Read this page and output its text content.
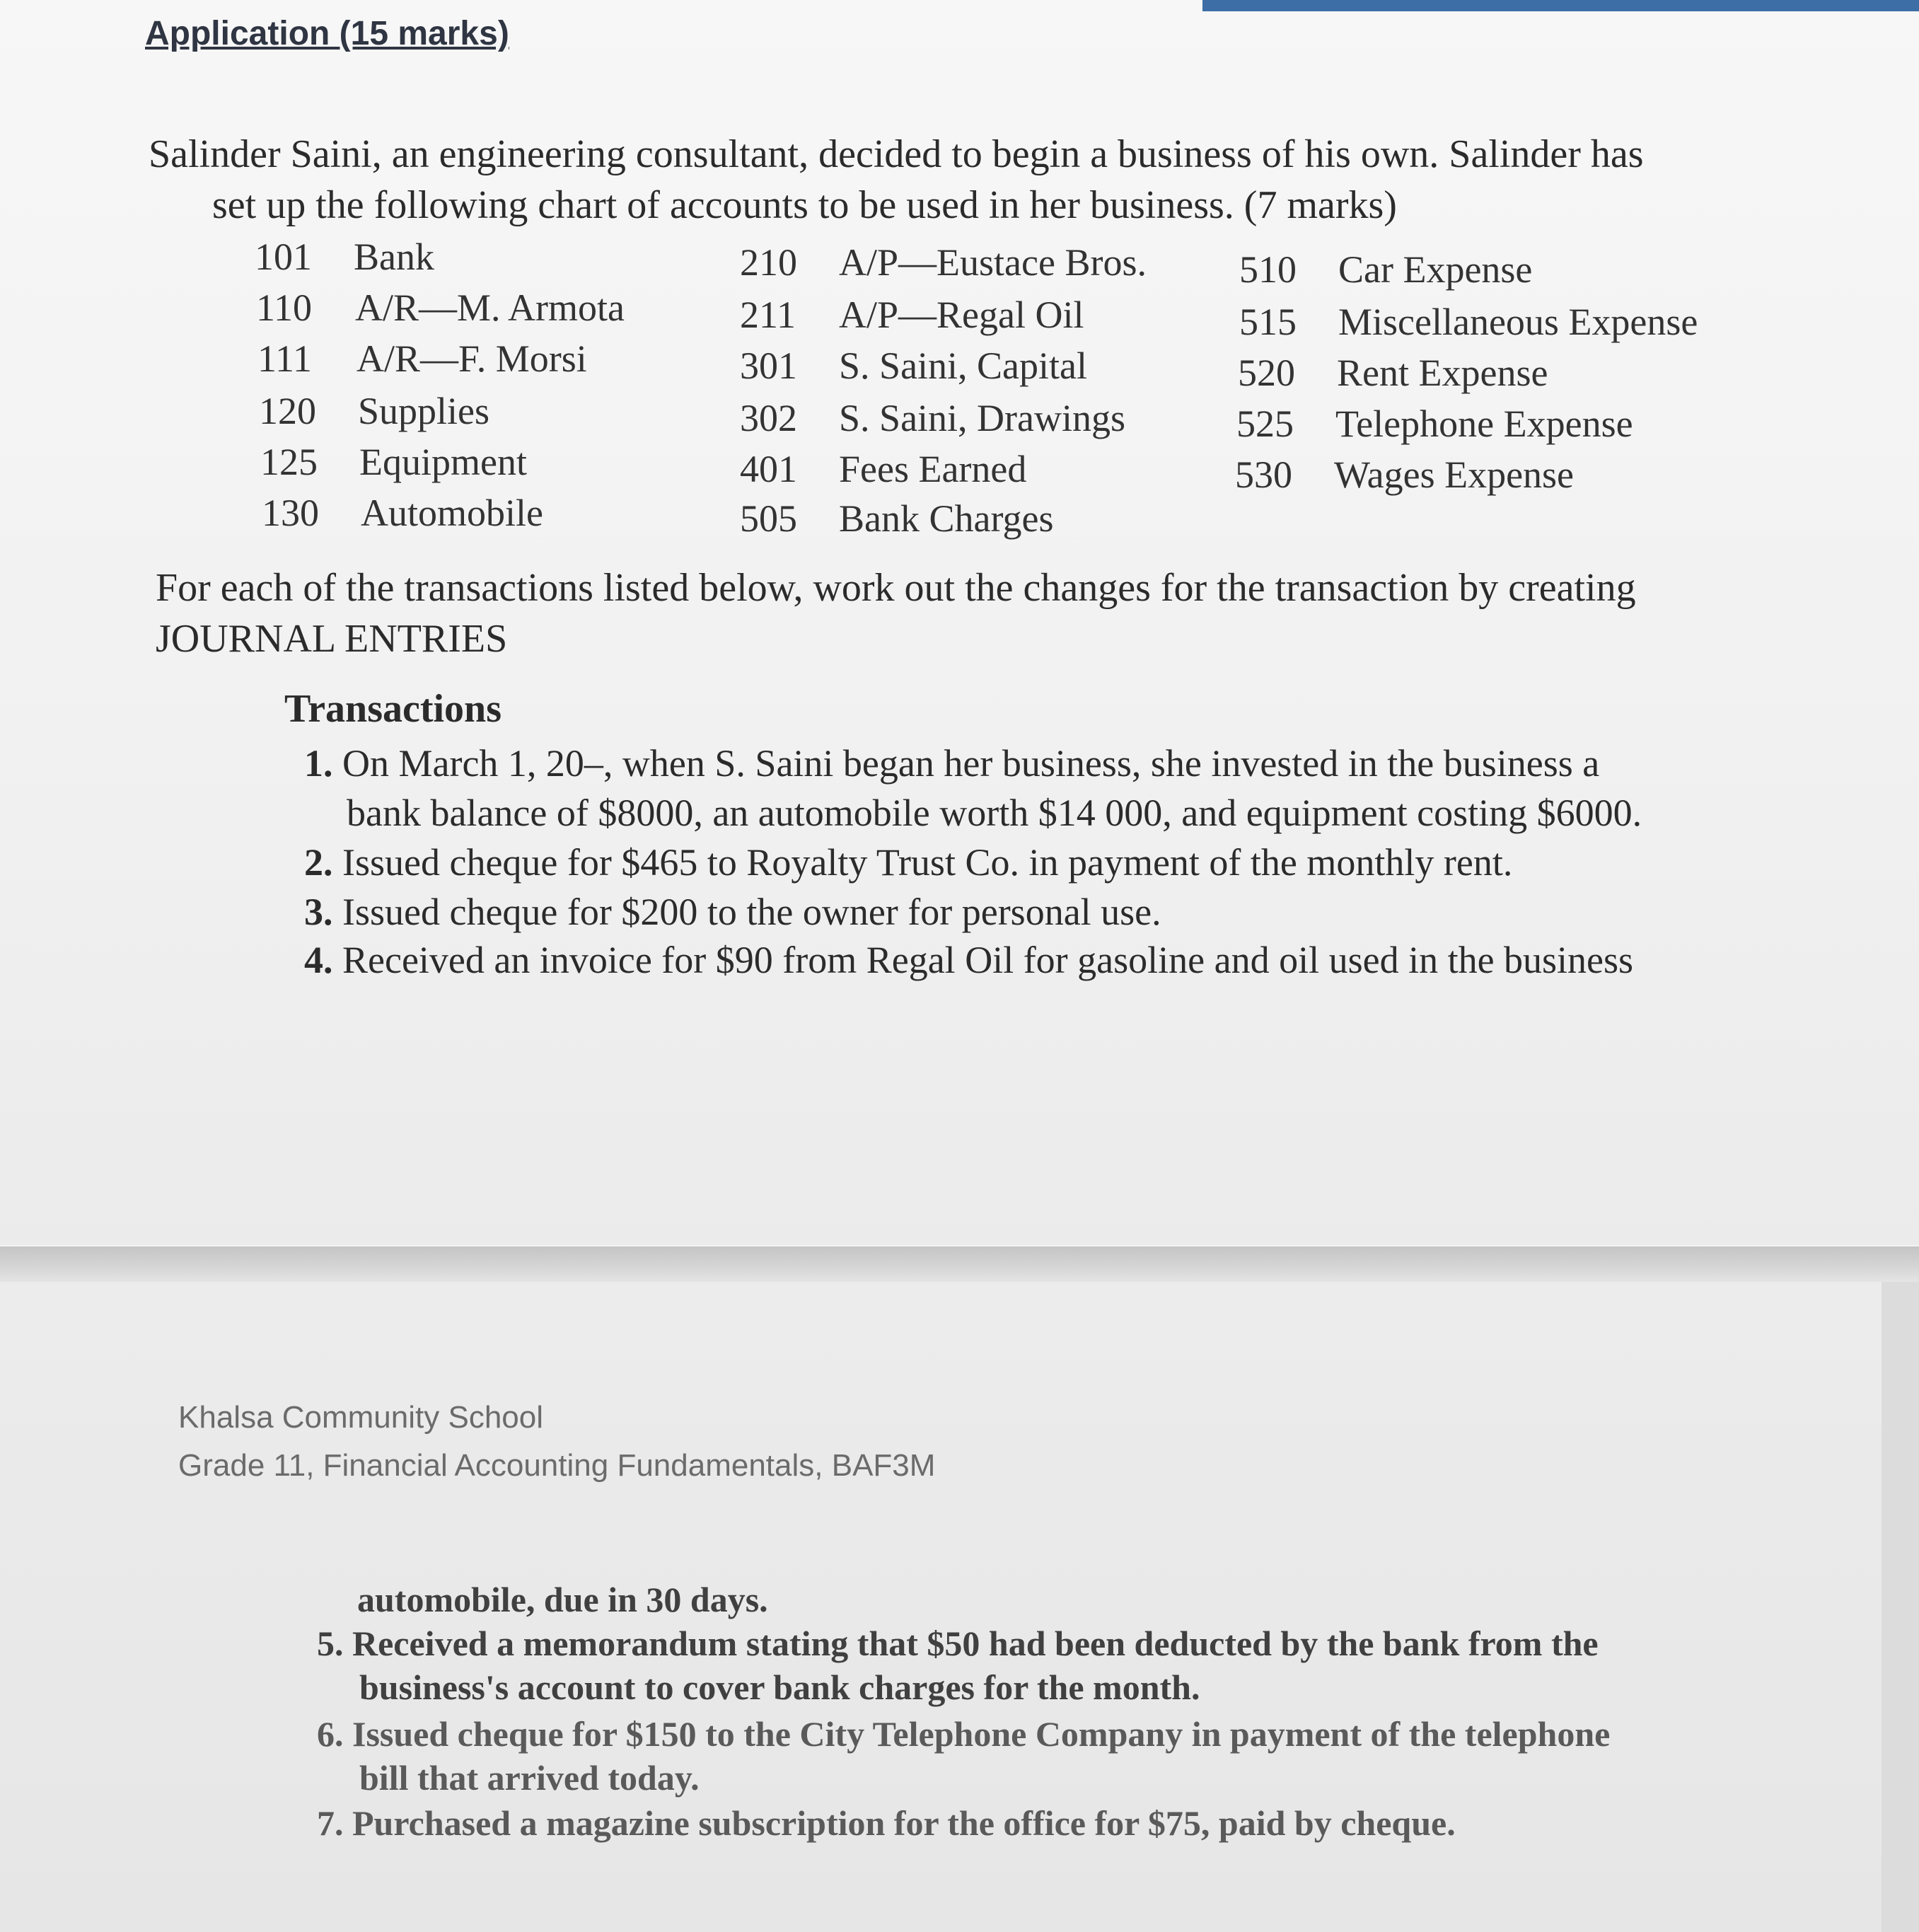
Application (15 marks)
Salinder Saini, an engineering consultant, decided to begin a business of his own. Salinder has
set up the following chart of accounts to be used in her business. (7 marks)
101 Bank
110 A/R—M. Armota
111 A/R—F. Morsi
120 Supplies
125 Equipment
130 Automobile
210 A/P—Eustace Bros.
211 A/P—Regal Oil
301 S. Saini, Capital
302 S. Saini, Drawings
401 Fees Earned
505 Bank Charges
510 Car Expense
515 Miscellaneous Expense
520 Rent Expense
525 Telephone Expense
530 Wages Expense
For each of the transactions listed below, work out the changes for the transaction by creating
JOURNAL ENTRIES
Transactions
1. On March 1, 20–, when S. Saini began her business, she invested in the business a
bank balance of $8000, an automobile worth $14 000, and equipment costing $6000.
2. Issued cheque for $465 to Royalty Trust Co. in payment of the monthly rent.
3. Issued cheque for $200 to the owner for personal use.
4. Received an invoice for $90 from Regal Oil for gasoline and oil used in the business
Khalsa Community School
Grade 11, Financial Accounting Fundamentals, BAF3M
automobile, due in 30 days.
5. Received a memorandum stating that $50 had been deducted by the bank from the
business's account to cover bank charges for the month.
6. Issued cheque for $150 to the City Telephone Company in payment of the telephone
bill that arrived today.
7. Purchased a magazine subscription for the office for $75, paid by cheque.
